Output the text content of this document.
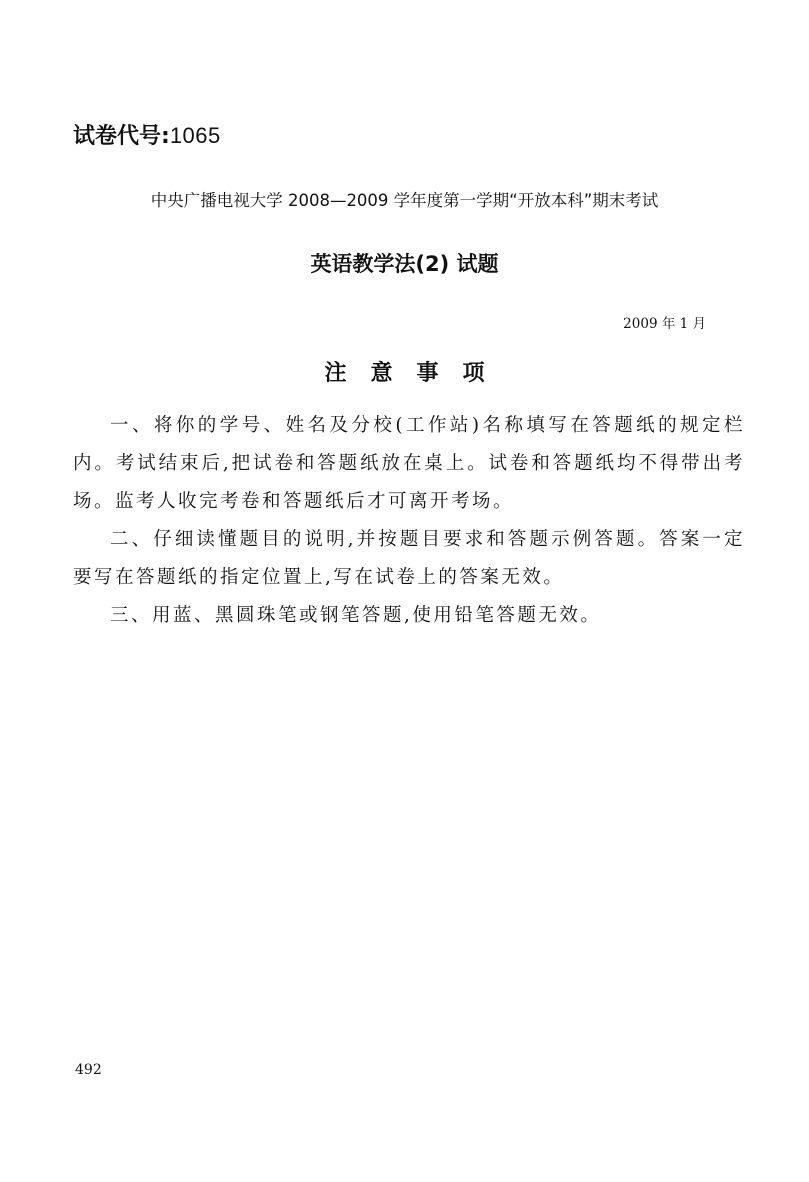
试卷代号:1065
中央广播电视大学 2008—2009 学年度第一学期“开放本科”期末考试
英语教学法(2) 试题
2009 年 1 月
注意事项

一、将你的学号、姓名及分校(工作站)名称填写在答题纸的规定栏内。考试结束后,把试卷和答题纸放在桌上。试卷和答题纸均不得带出考场。监考人收完考卷和答题纸后才可离开考场。

二、仔细读懂题目的说明,并按题目要求和答题示例答题。答案一定要写在答题纸的指定位置上,写在试卷上的答案无效。

三、用蓝、黑圆珠笔或钢笔答题,使用铅笔答题无效。

492
